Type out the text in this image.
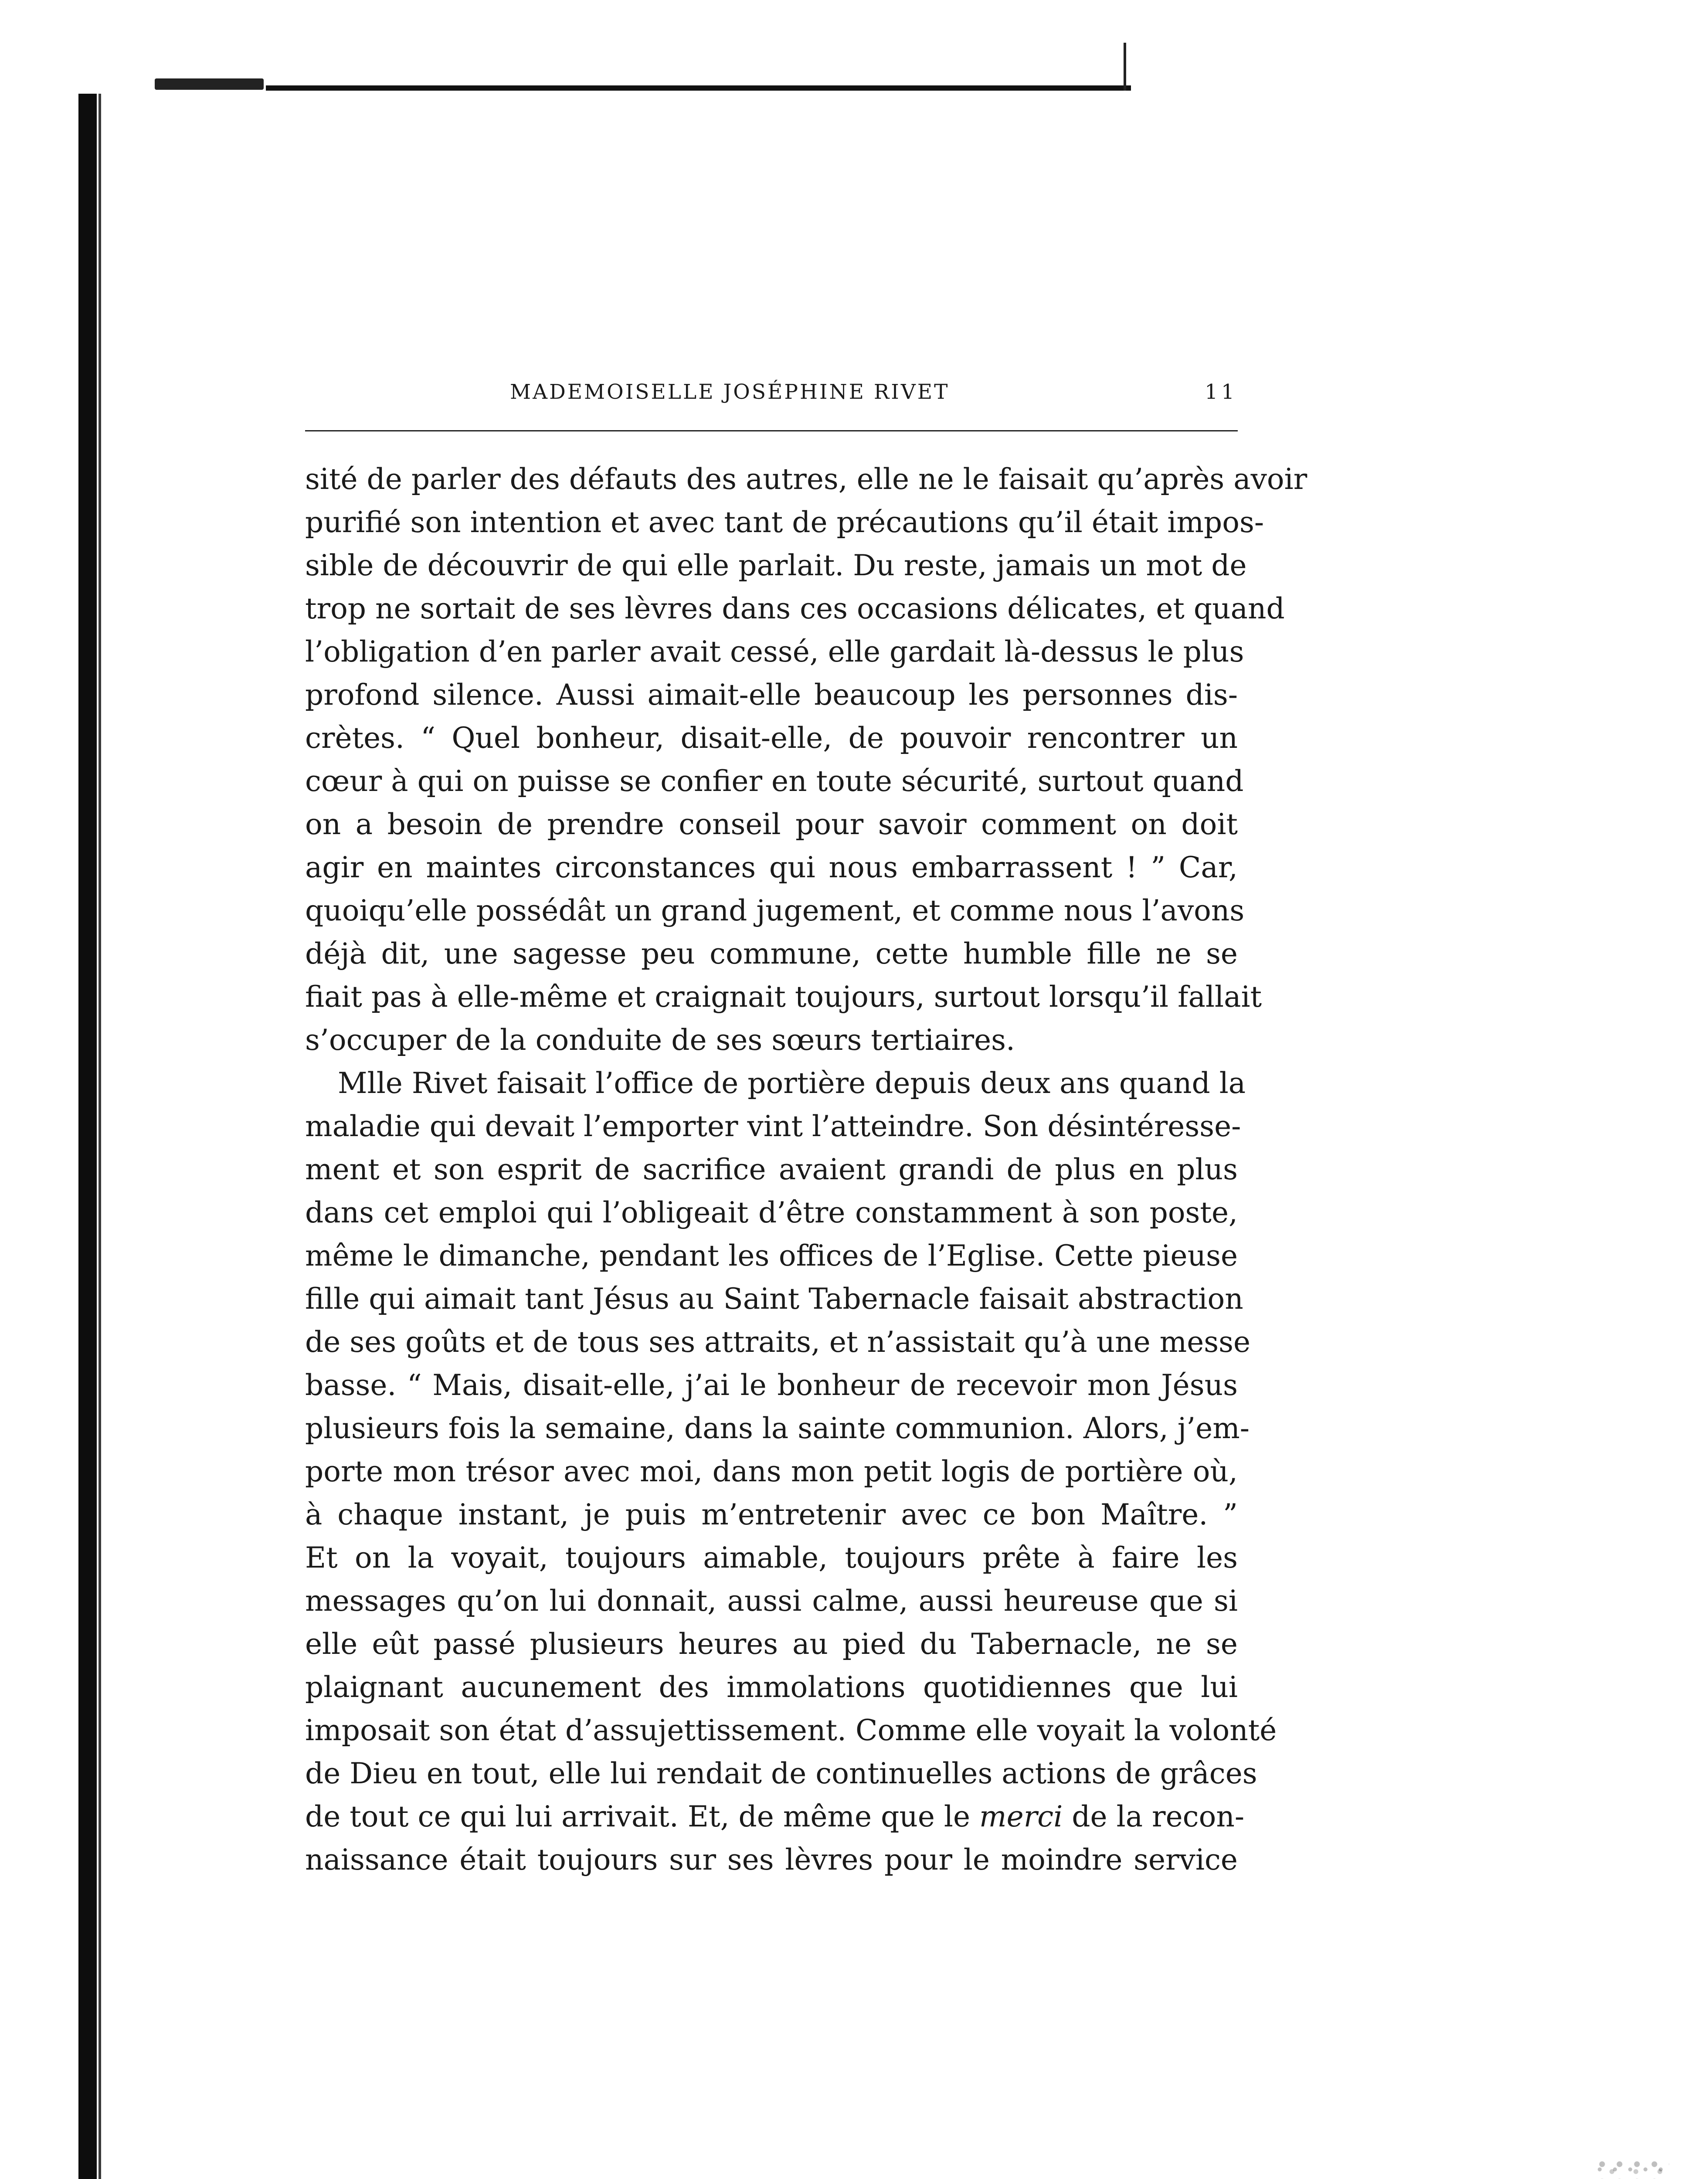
MADEMOISELLE JOSÉPHINE RIVET	11
sité de parler des défauts des autres, elle ne le faisait qu’après avoir
purifié son intention et avec tant de précautions qu’il était impos-
sible de découvrir de qui elle parlait. Du reste, jamais un mot de
trop ne sortait de ses lèvres dans ces occasions délicates, et quand
l’obligation d’en parler avait cessé, elle gardait là-dessus le plus
profond silence. Aussi aimait-elle beaucoup les personnes dis-
crètes. “ Quel bonheur, disait-elle, de pouvoir rencontrer un
cœur à qui on puisse se confier en toute sécurité, surtout quand
on a besoin de prendre conseil pour savoir comment on doit
agir en maintes circonstances qui nous embarrassent ! ” Car,
quoiqu’elle possédât un grand jugement, et comme nous l’avons
déjà dit, une sagesse peu commune, cette humble fille ne se
fiait pas à elle-même et craignait toujours, surtout lorsqu’il fallait
s’occuper de la conduite de ses sœurs tertiaires.
Mlle Rivet faisait l’office de portière depuis deux ans quand la
maladie qui devait l’emporter vint l’atteindre. Son désintéresse-
ment et son esprit de sacrifice avaient grandi de plus en plus
dans cet emploi qui l’obligeait d’être constamment à son poste,
même le dimanche, pendant les offices de l’Eglise. Cette pieuse
fille qui aimait tant Jésus au Saint Tabernacle faisait abstraction
de ses goûts et de tous ses attraits, et n’assistait qu’à une messe
basse. “ Mais, disait-elle, j’ai le bonheur de recevoir mon Jésus
plusieurs fois la semaine, dans la sainte communion. Alors, j’em-
porte mon trésor avec moi, dans mon petit logis de portière où,
à chaque instant, je puis m’entretenir avec ce bon Maître. ”
Et on la voyait, toujours aimable, toujours prête à faire les
messages qu’on lui donnait, aussi calme, aussi heureuse que si
elle eût passé plusieurs heures au pied du Tabernacle, ne se
plaignant aucunement des immolations quotidiennes que lui
imposait son état d’assujettissement. Comme elle voyait la volonté
de Dieu en tout, elle lui rendait de continuelles actions de grâces
de tout ce qui lui arrivait. Et, de même que le merci de la recon-
naissance était toujours sur ses lèvres pour le moindre service
